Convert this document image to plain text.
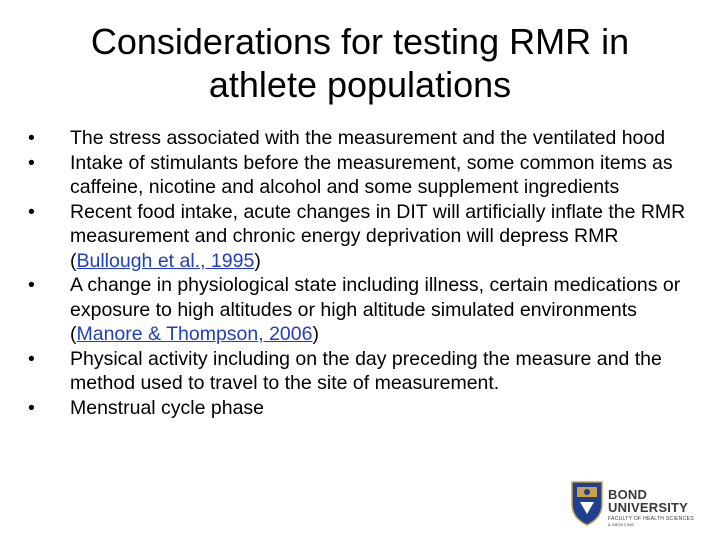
Considerations for testing RMR in athlete populations
•	The stress associated with the measurement and the ventilated hood
•	Intake of stimulants before the measurement, some common items as caffeine, nicotine and alcohol and some supplement ingredients
•	Recent food intake, acute changes in DIT will artificially inflate the RMR measurement and chronic energy deprivation will depress RMR (Bullough et al., 1995)
•	A change in physiological state including illness, certain medications or exposure to high altitudes or high altitude simulated environments (Manore & Thompson, 2006)
•	Physical activity including on the day preceding the measure and the method used to travel to the site of measurement.
•	Menstrual cycle phase
BOND
UNIVERSITY
FACULTY OF HEALTH SCIENCES
& MEDICINE
